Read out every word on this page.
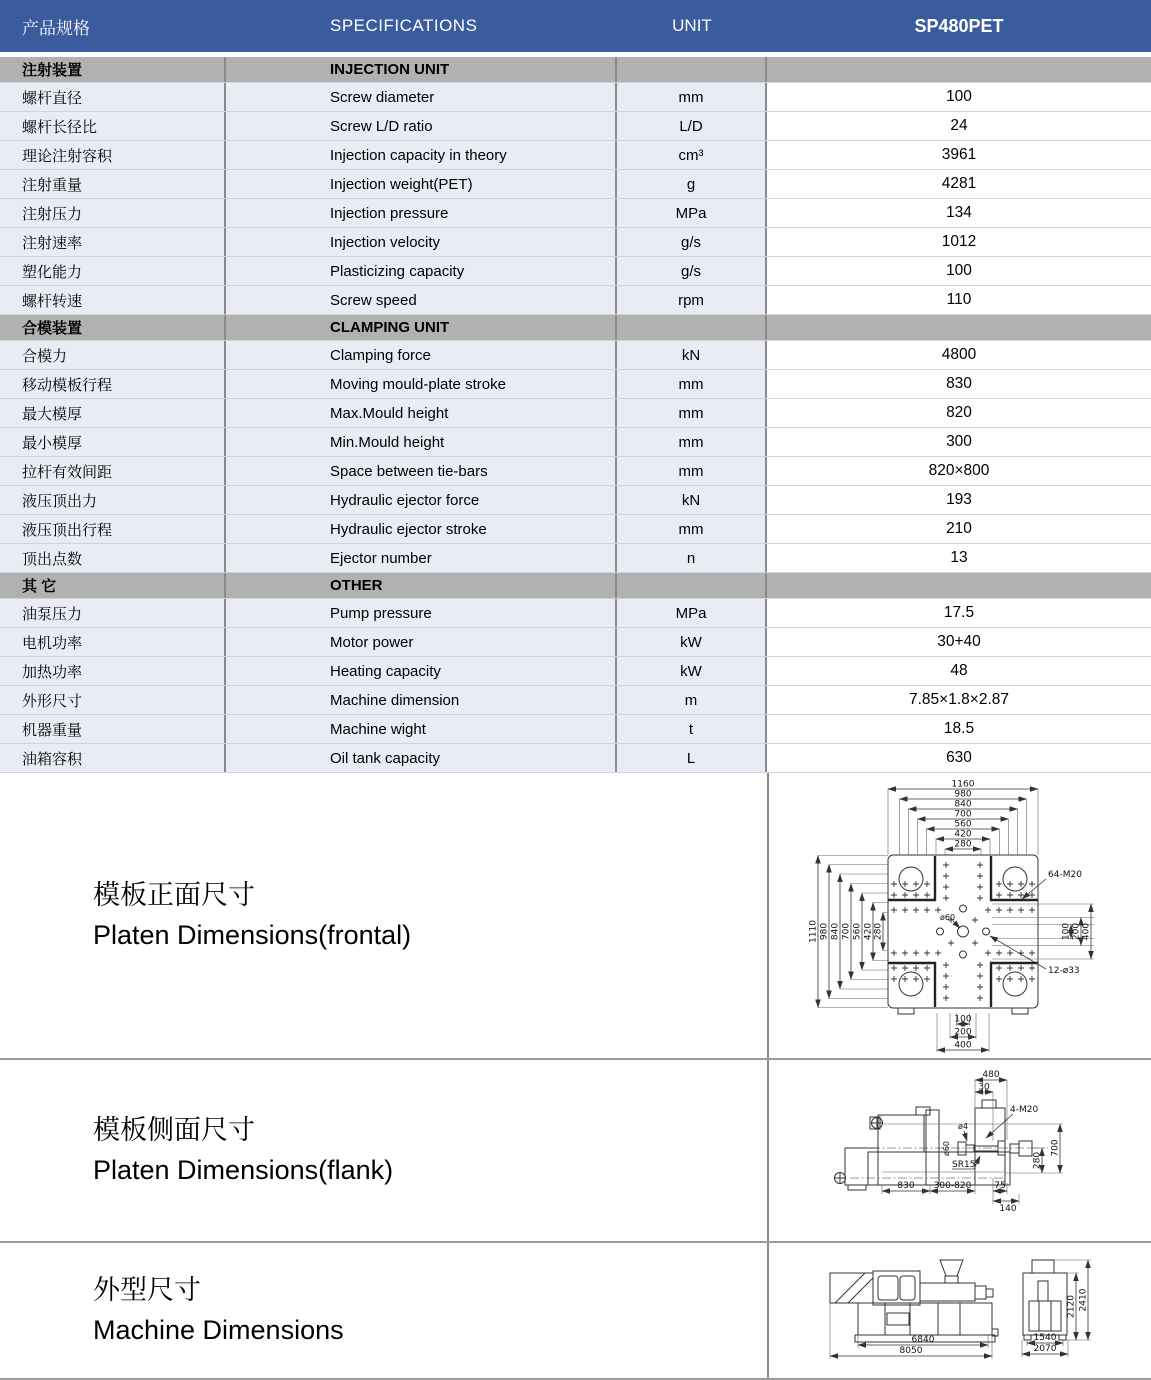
产品规格	SPECIFICATIONS	UNIT	SP480PET
注射装置	INJECTION UNIT
螺杆直径	Screw diameter	mm	100
螺杆长径比	Screw L/D ratio	L/D	24
理论注射容积	Injection capacity in theory	cm³	3961
注射重量	Injection weight(PET)	g	4281
注射压力	Injection pressure	MPa	134
注射速率	Injection velocity	g/s	1012
塑化能力	Plasticizing capacity	g/s	100
螺杆转速	Screw speed	rpm	110
合模装置	CLAMPING UNIT
合模力	Clamping force	kN	4800
移动模板行程	Moving mould-plate stroke	mm	830
最大模厚	Max.Mould height	mm	820
最小模厚	Min.Mould height	mm	300
拉杆有效间距	Space between tie-bars	mm	820×800
液压顶出力	Hydraulic ejector force	kN	193
液压顶出行程	Hydraulic ejector stroke	mm	210
顶出点数	Ejector number	n	13
其 它	OTHER
油泵压力	Pump pressure	MPa	17.5
电机功率	Motor power	kW	30+40
加热功率	Heating capacity	kW	48
外形尺寸	Machine dimension	m	7.85×1.8×2.87
机器重量	Machine wight	t	18.5
油箱容积	Oil tank capacity	L	630
模板正面尺寸
Platen Dimensions(frontal)
1160
980
840
700
560
420
280
1110 980 840 700 560 420 280	400
200
100
100
200
400
64-M20
12-ø33
ø60
模板侧面尺寸
Platen Dimensions(flank)
480
30
4-M20
ø4
ø60
SR15
830 300-820	75
140
280
700
外型尺寸
Machine Dimensions	6840
8050
1540
2070
2120 2410
